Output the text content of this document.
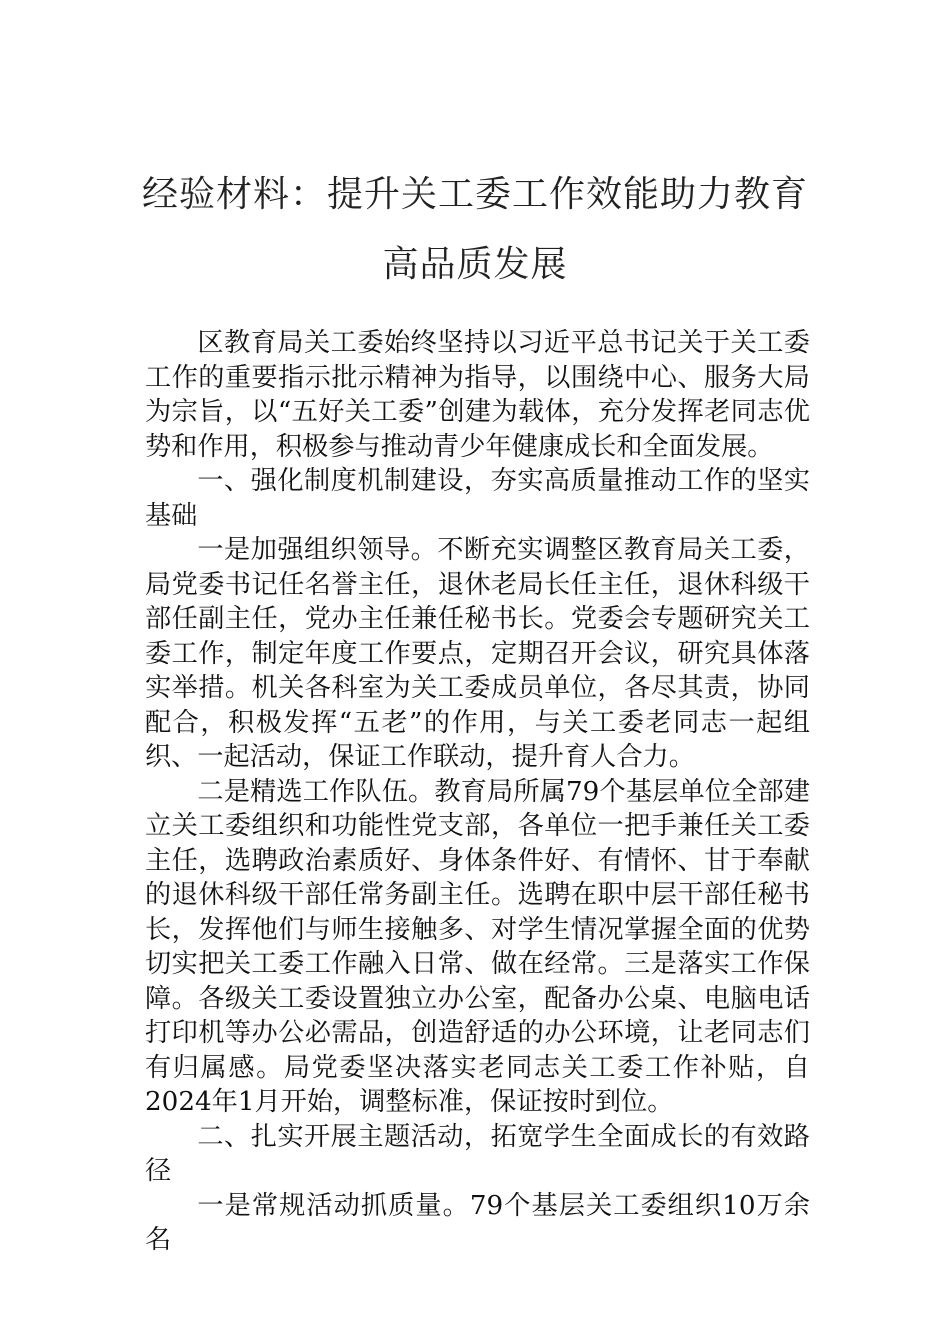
经验材料：提升关工委工作效能助力教育
高品质发展

区教育局关工委始终坚持以习近平总书记关于关工委工作的重要指示批示精神为指导，以围绕中心、服务大局为宗旨，以“五好关工委”创建为载体，充分发挥老同志优势和作用，积极参与推动青少年健康成长和全面发展。

一、强化制度机制建设，夯实高质量推动工作的坚实基础

一是加强组织领导。不断充实调整区教育局关工委，局党委书记任名誉主任，退休老局长任主任，退休科级干部任副主任，党办主任兼任秘书长。党委会专题研究关工委工作，制定年度工作要点，定期召开会议，研究具体落实举措。机关各科室为关工委成员单位，各尽其责，协同配合，积极发挥“五老”的作用，与关工委老同志一起组织、一起活动，保证工作联动，提升育人合力。

二是精选工作队伍。教育局所属79个基层单位全部建立关工委组织和功能性党支部，各单位一把手兼任关工委主任，选聘政治素质好、身体条件好、有情怀、甘于奉献的退休科级干部任常务副主任。选聘在职中层干部任秘书长，发挥他们与师生接触多、对学生情况掌握全面的优势切实把关工委工作融入日常、做在经常。三是落实工作保障。各级关工委设置独立办公室，配备办公桌、电脑电话打印机等办公必需品，创造舒适的办公环境，让老同志们有归属感。局党委坚决落实老同志关工委工作补贴，自2024年1月开始，调整标准，保证按时到位。

二、扎实开展主题活动，拓宽学生全面成长的有效路径

一是常规活动抓质量。79个基层关工委组织10万余名
